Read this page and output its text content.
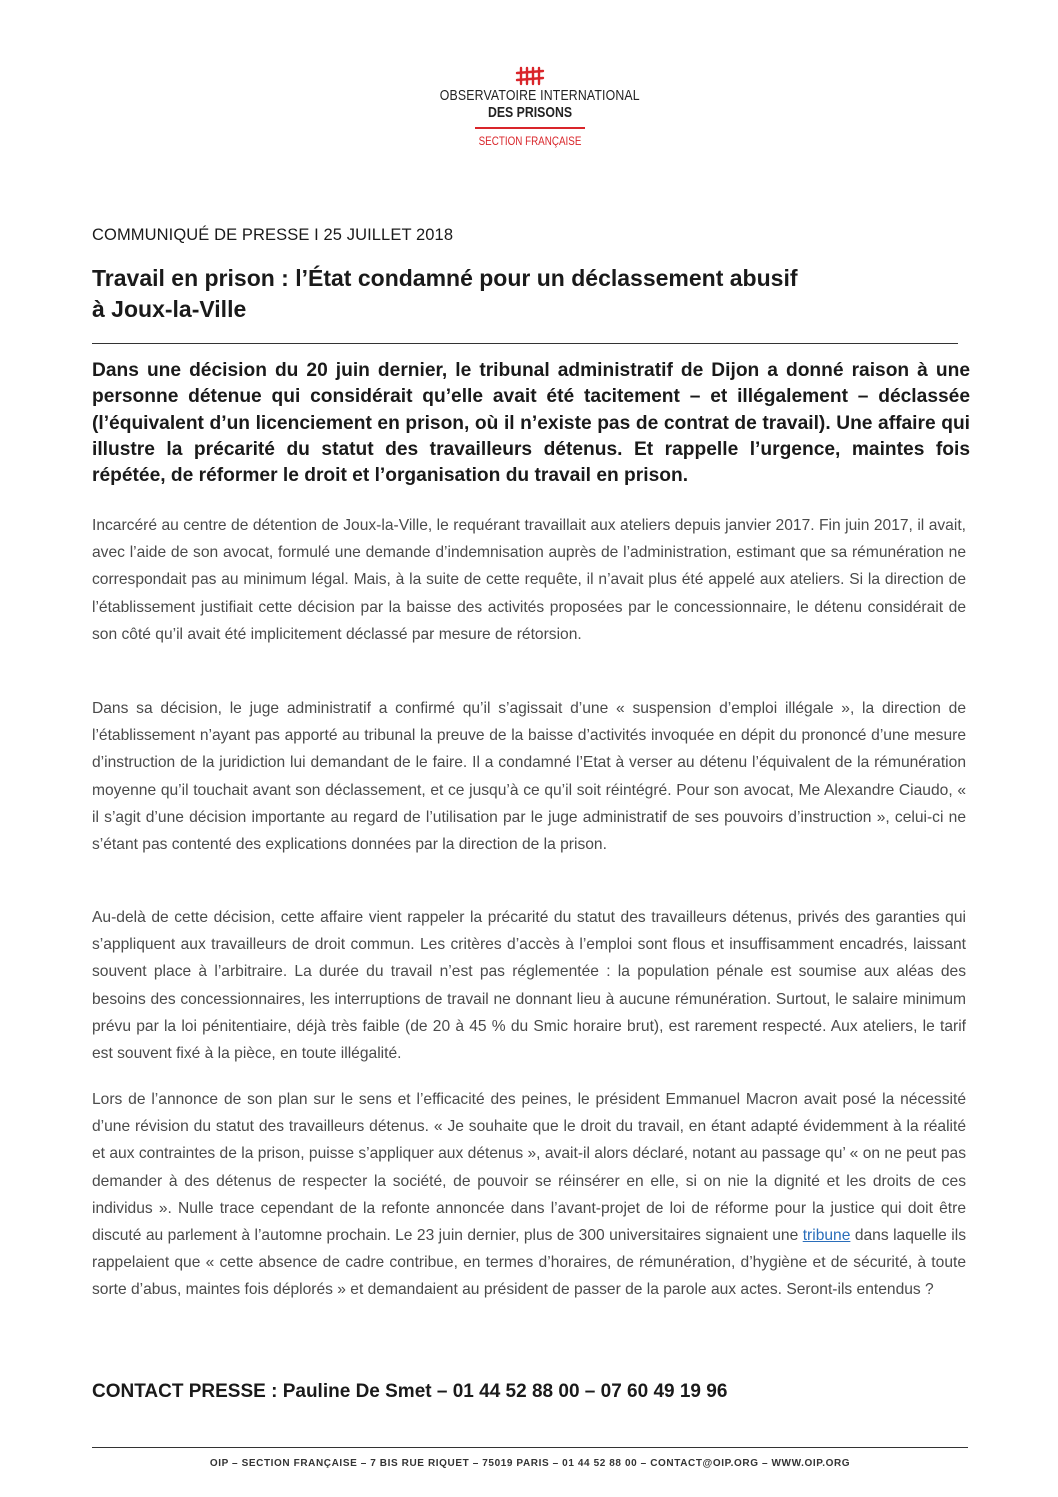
OBSERVATOIRE INTERNATIONAL
DES PRISONS
SECTION FRANÇAISE
COMMUNIQUÉ DE PRESSE I 25 JUILLET 2018
Travail en prison : l’État condamné pour un déclassement abusif
à Joux-la-Ville

Dans une décision du 20 juin dernier, le tribunal administratif de Dijon a donné raison à une personne détenue qui considérait qu’elle avait été tacitement – et illégalement – déclassée (l’équivalent d’un licenciement en prison, où il n’existe pas de contrat de travail). Une affaire qui illustre la précarité du statut des travailleurs détenus. Et rappelle l’urgence, maintes fois répétée, de réformer le droit et l’organisation du travail en prison.

Incarcéré au centre de détention de Joux-la-Ville, le requérant travaillait aux ateliers depuis janvier 2017. Fin juin 2017, il avait, avec l’aide de son avocat, formulé une demande d’indemnisation auprès de l’administration, estimant que sa rémunération ne correspondait pas au minimum légal. Mais, à la suite de cette requête, il n’avait plus été appelé aux ateliers. Si la direction de l’établissement justifiait cette décision par la baisse des activités proposées par le concessionnaire, le détenu considérait de son côté qu’il avait été implicitement déclassé par mesure de rétorsion.

Dans sa décision, le juge administratif a confirmé qu’il s’agissait d’une « suspension d’emploi illégale », la direction de l’établissement n’ayant pas apporté au tribunal la preuve de la baisse d’activités invoquée en dépit du prononcé d’une mesure d’instruction de la juridiction lui demandant de le faire. Il a condamné l’Etat à verser au détenu l’équivalent de la rémunération moyenne qu’il touchait avant son déclassement, et ce jusqu’à ce qu’il soit réintégré. Pour son avocat, Me Alexandre Ciaudo, « il s’agit d’une décision importante au regard de l’utilisation par le juge administratif de ses pouvoirs d’instruction », celui-ci ne s’étant pas contenté des explications données par la direction de la prison.

Au-delà de cette décision, cette affaire vient rappeler la précarité du statut des travailleurs détenus, privés des garanties qui s’appliquent aux travailleurs de droit commun. Les critères d’accès à l’emploi sont flous et insuffisamment encadrés, laissant souvent place à l’arbitraire. La durée du travail n’est pas réglementée : la population pénale est soumise aux aléas des besoins des concessionnaires, les interruptions de travail ne donnant lieu à aucune rémunération. Surtout, le salaire minimum prévu par la loi pénitentiaire, déjà très faible (de 20 à 45 % du Smic horaire brut), est rarement respecté. Aux ateliers, le tarif est souvent fixé à la pièce, en toute illégalité.

Lors de l’annonce de son plan sur le sens et l’efficacité des peines, le président Emmanuel Macron avait posé la nécessité d’une révision du statut des travailleurs détenus. « Je souhaite que le droit du travail, en étant adapté évidemment à la réalité et aux contraintes de la prison, puisse s’appliquer aux détenus », avait-il alors déclaré, notant au passage qu’ « on ne peut pas demander à des détenus de respecter la société, de pouvoir se réinsérer en elle, si on nie la dignité et les droits de ces individus ». Nulle trace cependant de la refonte annoncée dans l’avant-projet de loi de réforme pour la justice qui doit être discuté au parlement à l’automne prochain. Le 23 juin dernier, plus de 300 universitaires signaient une tribune dans laquelle ils rappelaient que « cette absence de cadre contribue, en termes d’horaires, de rémunération, d’hygiène et de sécurité, à toute sorte d’abus, maintes fois déplorés » et demandaient au président de passer de la parole aux actes. Seront-ils entendus ?

CONTACT PRESSE : Pauline De Smet – 01 44 52 88 00 – 07 60 49 19 96
OIP – SECTION FRANÇAISE – 7 BIS RUE RIQUET – 75019 PARIS – 01 44 52 88 00 – CONTACT@OIP.ORG – WWW.OIP.ORG
